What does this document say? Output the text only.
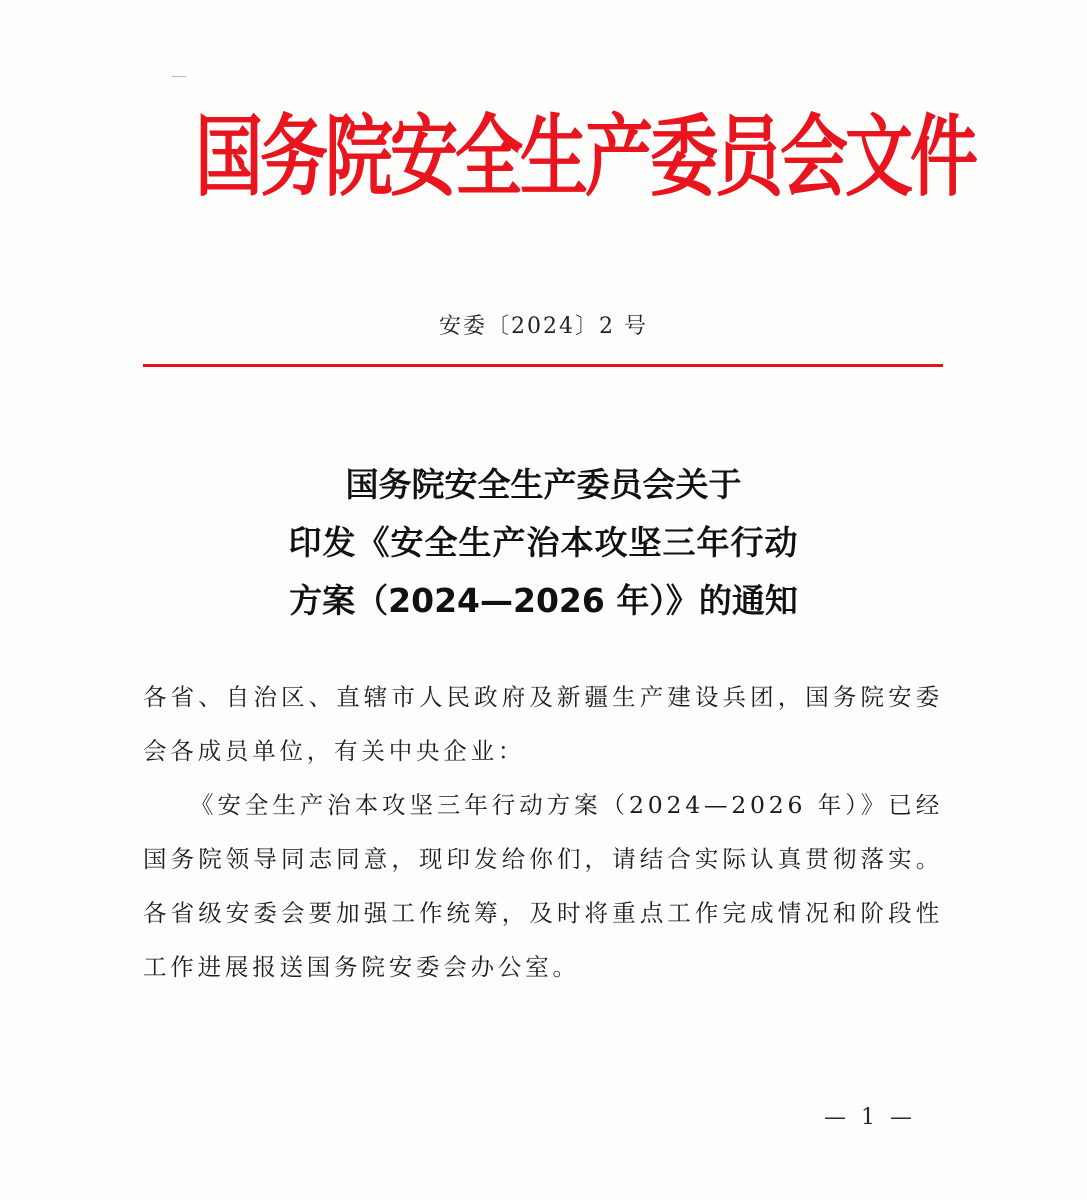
国务院安全生产委员会文件
安委〔2024〕2 号
国务院安全生产委员会关于
印发《安全生产治本攻坚三年行动
方案（2024—2026 年）》的通知

各省、自治区、直辖市人民政府及新疆生产建设兵团，国务院安委会各成员单位，有关中央企业：

《安全生产治本攻坚三年行动方案（2024—2026 年）》已经国务院领导同志同意，现印发给你们，请结合实际认真贯彻落实。各省级安委会要加强工作统筹，及时将重点工作完成情况和阶段性工作进展报送国务院安委会办公室。

— 1 —
